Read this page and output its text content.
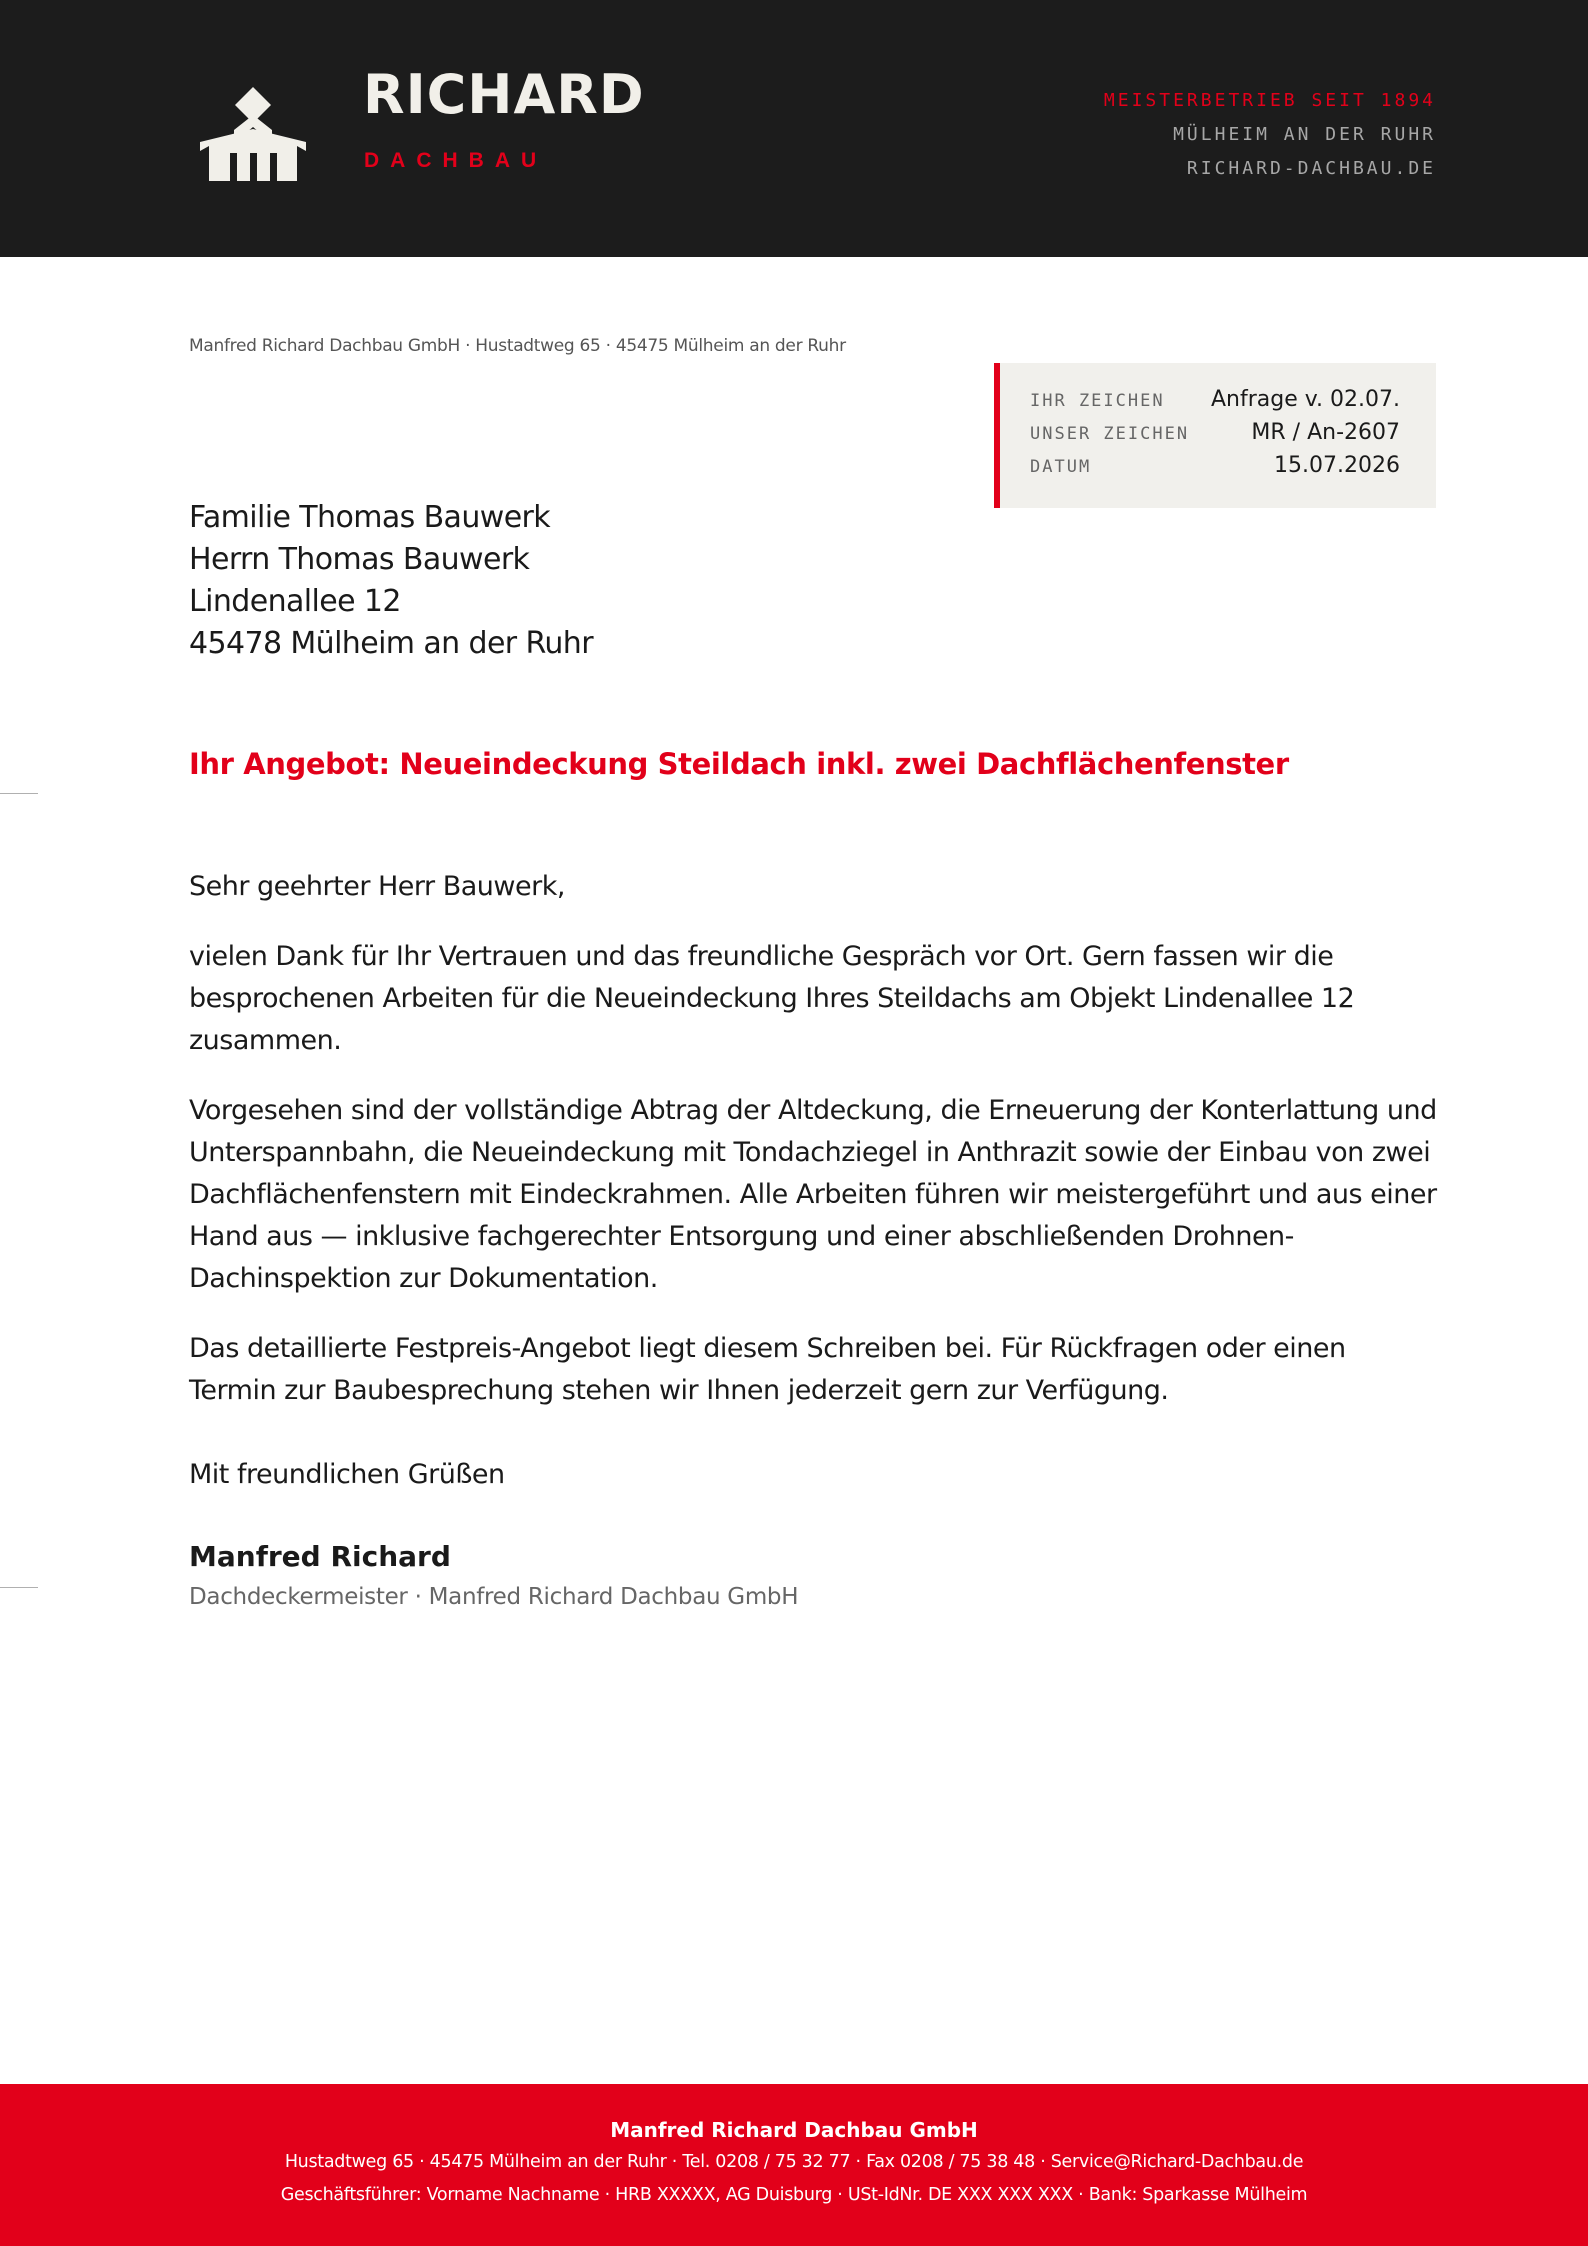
RICHARD
DACHBAU
MEISTERBETRIEB SEIT 1894
MÜLHEIM AN DER RUHR
RICHARD-DACHBAU.DE
Manfred Richard Dachbau GmbH · Hustadtweg 65 · 45475 Mülheim an der Ruhr
IHR ZEICHEN Anfrage v. 02.07.
UNSER ZEICHEN	MR / An-2607
DATUM	15.07.2026
Familie Thomas Bauwerk
Herrn Thomas Bauwerk
Lindenallee 12
45478 Mülheim an der Ruhr
Ihr Angebot: Neueindeckung Steildach inkl. zwei Dachflächenfenster

Sehr geehrter Herr Bauwerk,

vielen Dank für Ihr Vertrauen und das freundliche Gespräch vor Ort. Gern fassen wir die besprochenen Arbeiten für die Neueindeckung Ihres Steildachs am Objekt Lindenallee 12 zusammen.

Vorgesehen sind der vollständige Abtrag der Altdeckung, die Erneuerung der Konterlattung und Unterspannbahn, die Neueindeckung mit Tondachziegel in Anthrazit sowie der Einbau von zwei Dachflächenfenstern mit Eindeckrahmen. Alle Arbeiten führen wir meistergeführt und aus einer Hand aus — inklusive fachgerechter Entsorgung und einer abschließenden Drohnen-Dachinspektion zur Dokumentation.

Das detaillierte Festpreis-Angebot liegt diesem Schreiben bei. Für Rückfragen oder einen Termin zur Baubesprechung stehen wir Ihnen jederzeit gern zur Verfügung.

Mit freundlichen Grüßen

Manfred Richard
Dachdeckermeister · Manfred Richard Dachbau GmbH
Manfred Richard Dachbau GmbH
Hustadtweg 65 · 45475 Mülheim an der Ruhr · Tel. 0208 / 75 32 77 · Fax 0208 / 75 38 48 · Service@Richard-Dachbau.de
Geschäftsführer: Vorname Nachname · HRB XXXXX, AG Duisburg · USt-IdNr. DE XXX XXX XXX · Bank: Sparkasse Mülheim
